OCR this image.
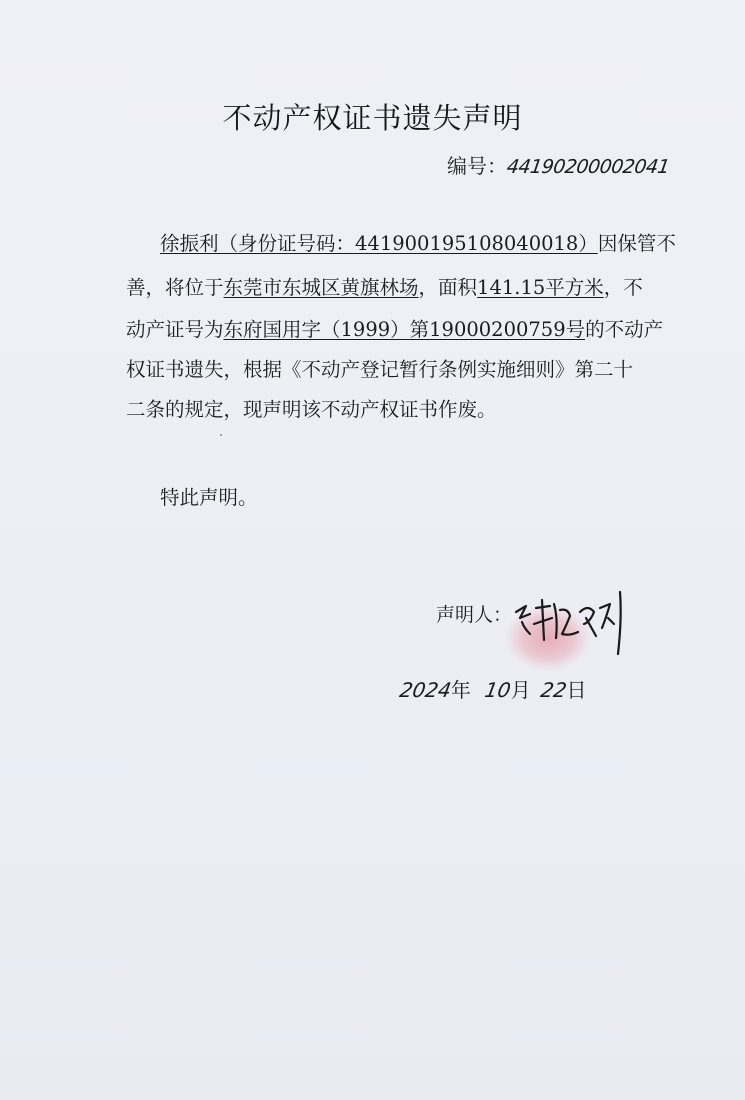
不动产权证书遗失声明
编号：44190200002041
徐振利（身份证号码：441900195108040018）因保管不
善，将位于东莞市东城区黄旗林场，面积141.15平方米，不
动产证号为东府国用字（1999）第19000200759号的不动产
权证书遗失，根据《不动产登记暂行条例实施细则》第二十
二条的规定，现声明该不动产权证书作废。
特此声明。
声明人：
2024年 10月 22日
